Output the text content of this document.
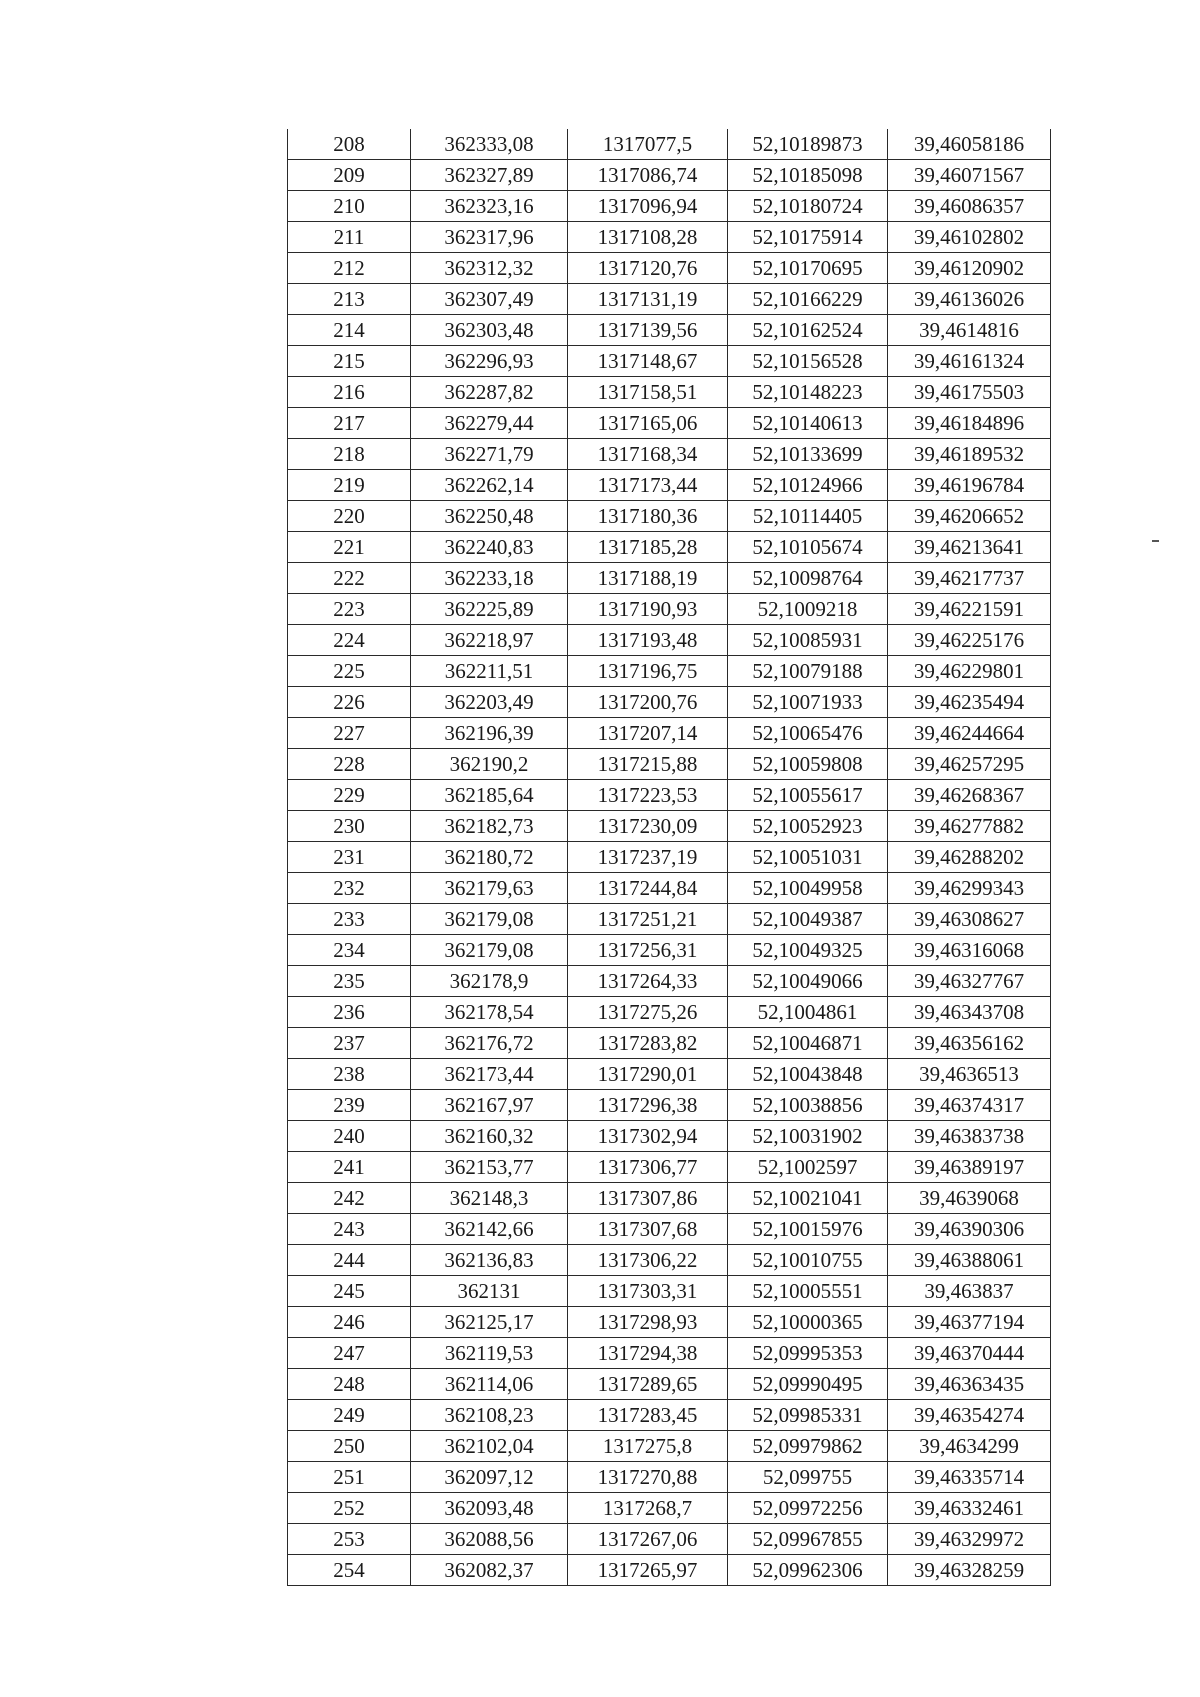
208	362333,08	1317077,5	52,10189873	39,46058186
209	362327,89	1317086,74	52,10185098	39,46071567
210	362323,16	1317096,94	52,10180724	39,46086357
211	362317,96	1317108,28	52,10175914	39,46102802
212	362312,32	1317120,76	52,10170695	39,46120902
213	362307,49	1317131,19	52,10166229	39,46136026
214	362303,48	1317139,56	52,10162524	39,4614816
215	362296,93	1317148,67	52,10156528	39,46161324
216	362287,82	1317158,51	52,10148223	39,46175503
217	362279,44	1317165,06	52,10140613	39,46184896
218	362271,79	1317168,34	52,10133699	39,46189532
219	362262,14	1317173,44	52,10124966	39,46196784
220	362250,48	1317180,36	52,10114405	39,46206652
221	362240,83	1317185,28	52,10105674	39,46213641
222	362233,18	1317188,19	52,10098764	39,46217737
223	362225,89	1317190,93	52,1009218	39,46221591
224	362218,97	1317193,48	52,10085931	39,46225176
225	362211,51	1317196,75	52,10079188	39,46229801
226	362203,49	1317200,76	52,10071933	39,46235494
227	362196,39	1317207,14	52,10065476	39,46244664
228	362190,2	1317215,88	52,10059808	39,46257295
229	362185,64	1317223,53	52,10055617	39,46268367
230	362182,73	1317230,09	52,10052923	39,46277882
231	362180,72	1317237,19	52,10051031	39,46288202
232	362179,63	1317244,84	52,10049958	39,46299343
233	362179,08	1317251,21	52,10049387	39,46308627
234	362179,08	1317256,31	52,10049325	39,46316068
235	362178,9	1317264,33	52,10049066	39,46327767
236	362178,54	1317275,26	52,1004861	39,46343708
237	362176,72	1317283,82	52,10046871	39,46356162
238	362173,44	1317290,01	52,10043848	39,4636513
239	362167,97	1317296,38	52,10038856	39,46374317
240	362160,32	1317302,94	52,10031902	39,46383738
241	362153,77	1317306,77	52,1002597	39,46389197
242	362148,3	1317307,86	52,10021041	39,4639068
243	362142,66	1317307,68	52,10015976	39,46390306
244	362136,83	1317306,22	52,10010755	39,46388061
245	362131	1317303,31	52,10005551	39,463837
246	362125,17	1317298,93	52,10000365	39,46377194
247	362119,53	1317294,38	52,09995353	39,46370444
248	362114,06	1317289,65	52,09990495	39,46363435
249	362108,23	1317283,45	52,09985331	39,46354274
250	362102,04	1317275,8	52,09979862	39,4634299
251	362097,12	1317270,88	52,099755	39,46335714
252	362093,48	1317268,7	52,09972256	39,46332461
253	362088,56	1317267,06	52,09967855	39,46329972
254	362082,37	1317265,97	52,09962306	39,46328259
